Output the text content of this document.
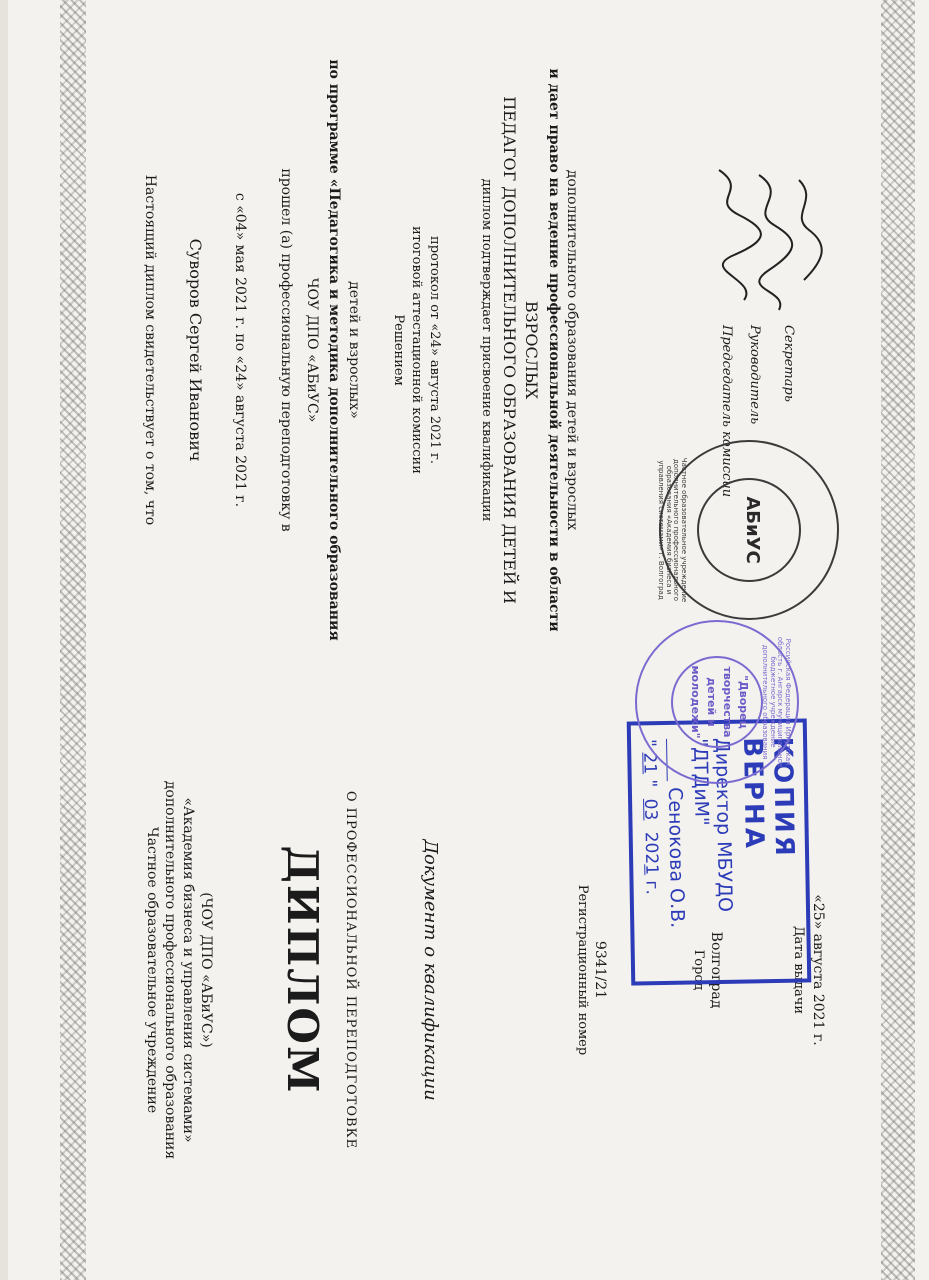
Настоящий диплом свидетельствует о том, что Суворов Сергей Иванович с «04» мая 2021 г. по «24» августа 2021 г. прошел (а) профессиональную переподготовку в ЧОУ ДПО «АБиУС» по программе «Педагогика и методика дополнительного образования детей и взрослых» Решением итоговой аттестационной комиссии протокол от «24» августа 2021 г.	диплом подтверждает присвоение квалификации ПЕДАГОГ ДОПОЛНИТЕЛЬНОГО ОБРАЗОВАНИЯ ДЕТЕЙ И ВЗРОСЛЫХ и дает право на ведение профессиональной деятельности в области дополнительного образования детей и взрослых	Председатель комиссии Руководитель Секретарь
Частное образовательное учреждение дополнительного профессионального образования «Академия бизнеса и управления системами» (ЧОУ ДПО «АБиУС») ДИПЛОМ О ПРОФЕССИОНАЛЬНОЙ ПЕРЕПОДГОТОВКЕ	Документ о квалификации	Регистрационный номер 9341/21	Город Волгоград	Дата выдачи «25» августа 2021 г.
КОПИЯ ВЕРНА
Директор МБУДО "ДТДиМ"
Сенокова О.В.
" 21 " 03 2021 г.
АБиУС
Частное образовательное учреждение дополнительного профессионального образования «Академия бизнеса и управления системами» г. Волгоград
"Дворец
творчества
детей и
молодежи"	Российская Федерация Иркутская область г. Ангарск муниципальное бюджетное учреждение дополнительного образования
